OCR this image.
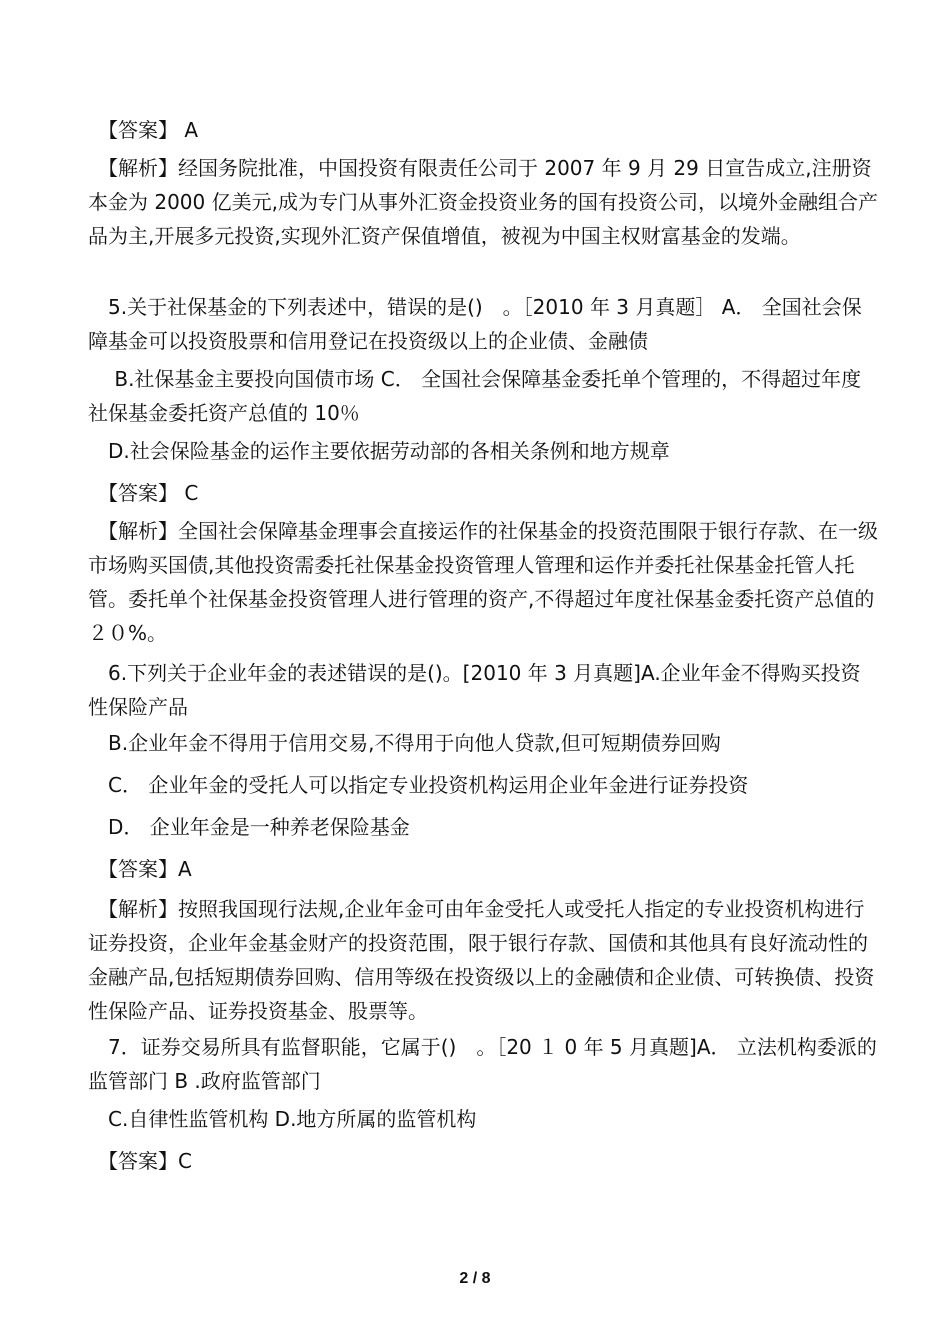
　【答案】 A

　【解析】经国务院批准，中国投资有限责任公司于 2007 年 9 月 29 日宣告成立,注册资本金为 2000 亿美元,成为专门从事外汇资金投资业务的国有投资公司，以境外金融组合产品为主,开展多元投资,实现外汇资产保值增值，被视为中国主权财富基金的发端。

　5.关于社保基金的下列表述中，错误的是()　。［2010 年 3 月真题］ A． 全国社会保障基金可以投资股票和信用登记在投资级以上的企业债、金融债

　 B.社保基金主要投向国债市场 C． 全国社会保障基金委托单个管理的，不得超过年度社保基金委托资产总值的 10％

　D.社会保险基金的运作主要依据劳动部的各相关条例和地方规章

　【答案】 C

　【解析】全国社会保障基金理事会直接运作的社保基金的投资范围限于银行存款、在一级市场购买国债,其他投资需委托社保基金投资管理人管理和运作并委托社保基金托管人托管。委托单个社保基金投资管理人进行管理的资产,不得超过年度社保基金委托资产总值的２０%。

　6.下列关于企业年金的表述错误的是()。[2010 年 3 月真题]A.企业年金不得购买投资性保险产品

　B.企业年金不得用于信用交易,不得用于向他人贷款,但可短期债券回购

　C． 企业年金的受托人可以指定专业投资机构运用企业年金进行证券投资

　D． 企业年金是一种养老保险基金

　【答案】A

　【解析】按照我国现行法规,企业年金可由年金受托人或受托人指定的专业投资机构进行证券投资，企业年金基金财产的投资范围，限于银行存款、国债和其他具有良好流动性的金融产品,包括短期债券回购、信用等级在投资级以上的金融债和企业债、可转换债、投资性保险产品、证券投资基金、股票等。

　7．证券交易所具有监督职能，它属于()　。［20 １ 0 年 5 月真题]A． 立法机构委派的监管部门 B .政府监管部门

　C.自律性监管机构 D.地方所属的监管机构

　【答案】C

2 / 8
